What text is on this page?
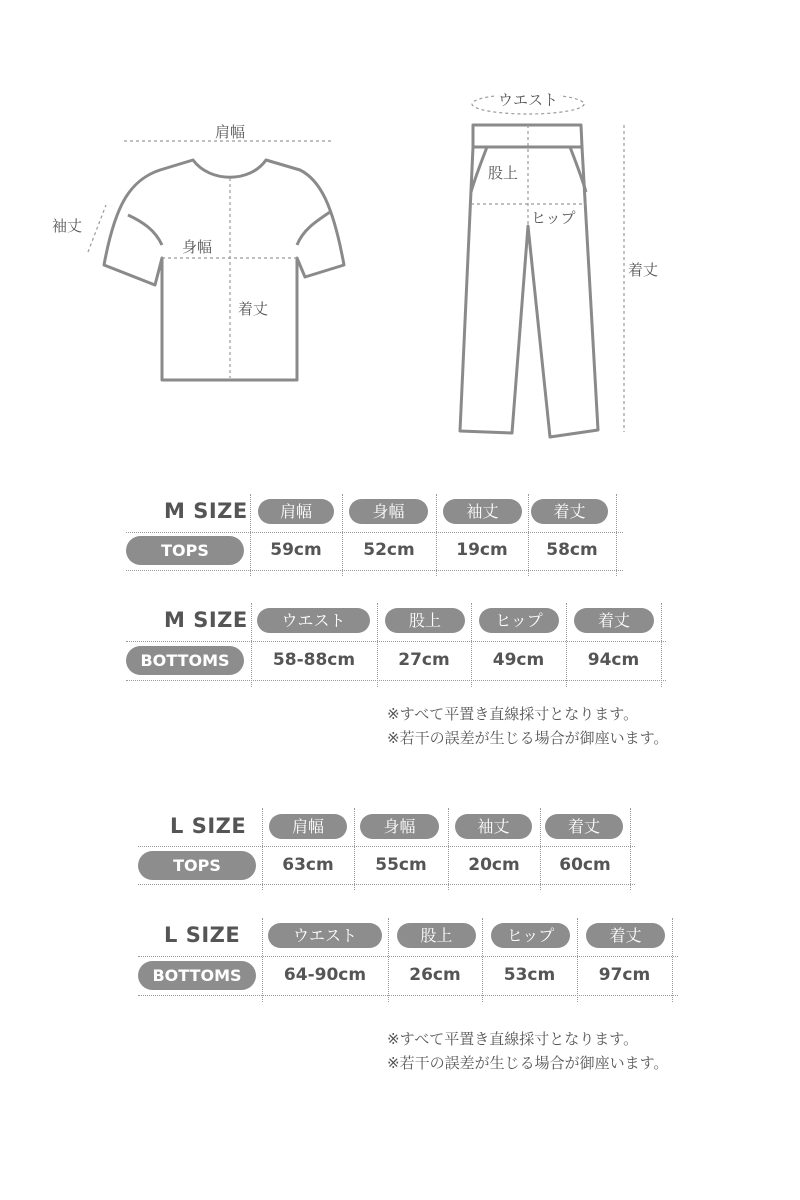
肩幅
袖丈
身幅
着丈
ウエスト
股上
ヒップ
着丈
M SIZE	肩幅	身幅	袖丈	着丈
TOPS	59cm	52cm	19cm	58cm
M SIZE	ウエスト	股上	ヒップ	着丈
BOTTOMS	58-88cm	27cm	49cm	94cm
※すべて平置き直線採寸となります。
※若干の誤差が生じる場合が御座います。
L SIZE	肩幅	身幅	袖丈	着丈
TOPS	63cm	55cm	20cm	60cm
L SIZE	ウエスト	股上	ヒップ	着丈
BOTTOMS	64-90cm	26cm	53cm	97cm
※すべて平置き直線採寸となります。
※若干の誤差が生じる場合が御座います。
